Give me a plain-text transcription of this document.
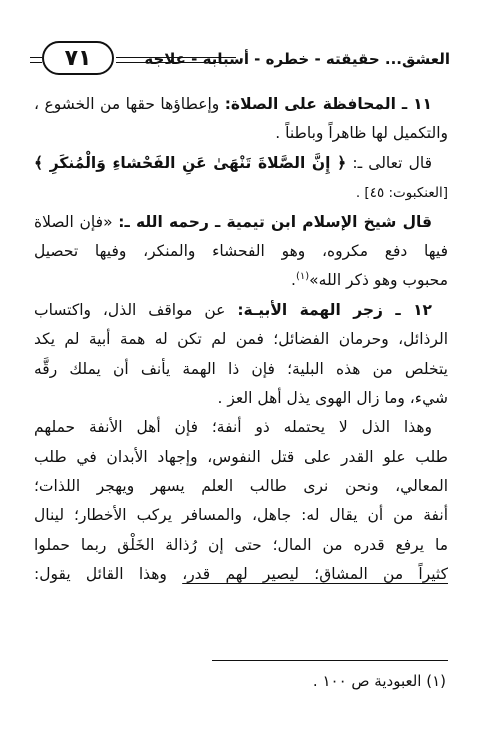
العشق... حقيقته - خطره - أسبابه - علاجه
٧١
١١ ـ المحافظة على الصلاة: وإعطاؤها حقها من الخشوع ،
والتكميل لها ظاهراً وباطناً .
قال تعالى ـ: ﴿ إِنَّ الصَّلاةَ تَنْهَىٰ عَنِ الفَحْشاءِ وَالْمُنكَرِ ﴾
[العنكبوت: ٤٥] .
قال شيخ الإسلام ابن تيمية ـ رحمه الله ـ: «فإن الصلاة
فيها دفع مكروه، وهو الفحشاء والمنكر، وفيها تحصيل
محبوب وهو ذكر الله»$^{(١)}$.
١٢ ـ زجر الهمة الأبيـة: عن مواقف الذل، واكتساب
الرذائل، وحرمان الفضائل؛ فمن لم تكن له همة أبية لم يكد
يتخلص من هذه البلية؛ فإن ذا الهمة يأنف أن يملك رقَّه
شيء، وما زال الهوى يذل أهل العز .
وهذا الذل لا يحتمله ذو أنفة؛ فإن أهل الأنفة حملهم
طلب علو القدر على قتل النفوس، وإجهاد الأبدان في طلب
المعالي، ونحن نرى طالب العلم يسهر ويهجر اللذات؛
أنفة من أن يقال له: جاهل، والمسافر يركب الأخطار؛ لينال
ما يرفع قدره من المال؛ حتى إن رُذالة الخَلْق ربما حملوا
كثيراً من المشاق؛ ليصير لهم قدر، وهذا القائل يقول:
(١) العبودية ص ١٠٠ .
